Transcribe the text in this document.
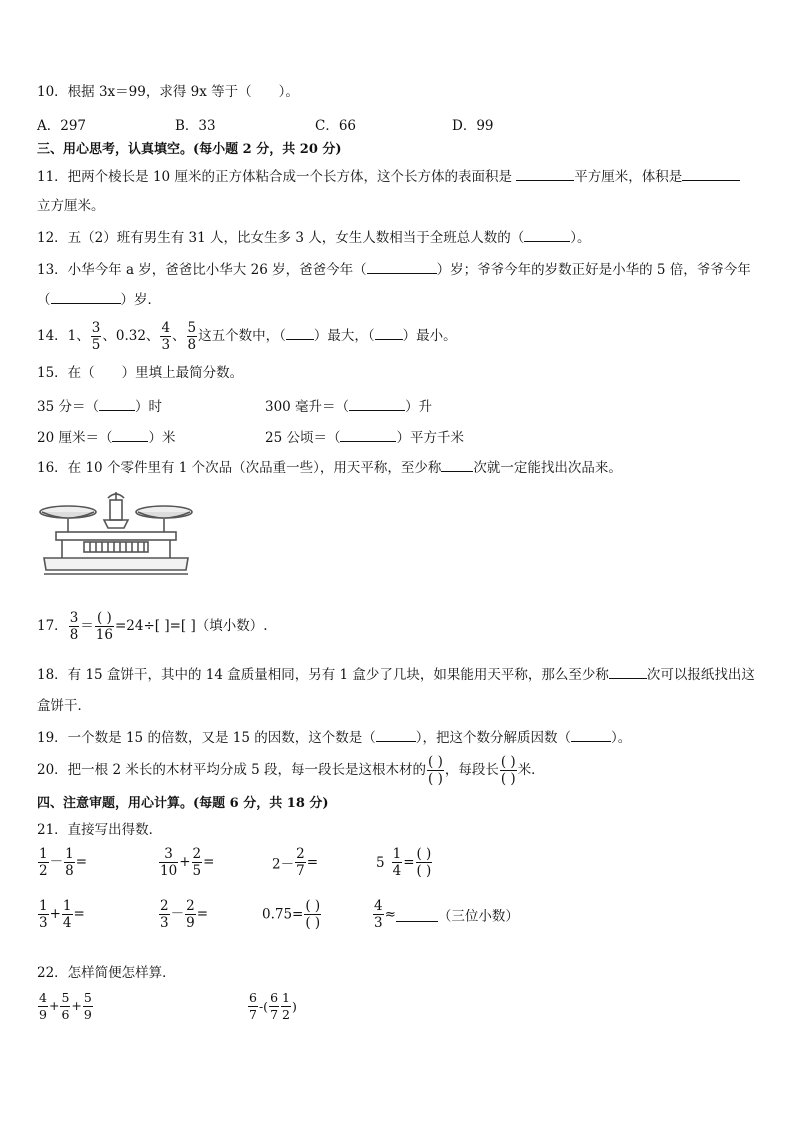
10．根据 3x＝99，求得 9x 等于（　　）。
A．297	B．33	C．66	D．99
三、用心思考，认真填空。(每小题 2 分，共 20 分)
11．把两个棱长是 10 厘米的正方体粘合成一个长方体，这个长方体的表面积是	平方厘米，体积是
立方厘米。
12．五（2）班有男生有 31 人，比女生多 3 人，女生人数相当于全班总人数的（	）。
13．小华今年 a 岁，爸爸比小华大 26 岁，爸爸今年（	）岁；爷爷今年的岁数正好是小华的 5 倍，爷爷今年
（	）岁．
14．1、 $\frac{3}{5}$ 、0.32、 $\frac{4}{3}$ 、 $\frac{5}{8}$ 这五个数中，（ ）最大，（ ）最小。
15．在（　　）里填上最简分数。
35 分＝（	）时	300 毫升＝（	）升
20 厘米＝（	）米	25 公顷＝（	）平方千米
16．在 10 个零件里有 1 个次品（次品重一些），用天平称，至少称 次就一定能找出次品来。
17． $\frac{3}{8} = \frac{( )}{16} =24\div$[ ]=[ ]（填小数）.
18．有 15 盒饼干，其中的 14 盒质量相同，另有 1 盒少了几块，如果能用天平称，那么至少称	次可以报纸找出这
盒饼干．
19．一个数是 15 的倍数，又是 15 的因数，这个数是（	），把这个数分解质因数（	）。
20．把一根 2 米长的木材平均分成 5 段，每一段长是这根木材的 $\frac{( )}{( )}$ ，每段长 $\frac{( )}{( )}$ 米．
四、注意审题，用心计算。(每题 6 分，共 18 分)
21．直接写出得数．
$\frac{1}{2} - \frac{1}{8}$ =	$\frac{3}{10} + \frac{2}{5}$ =	$2- \frac{2}{7}$ =	$5 \frac{1}{4} = \frac{( )}{( )}$
$\frac{1}{3} + \frac{1}{4}$ =	$\frac{2}{3} - \frac{2}{9}$ =	$0.75= \frac{( )}{( )}$	$\frac{4}{3}$ ≈	（三位小数）
22．怎样简便怎样算．
$\frac{4}{9} + \frac{5}{6} + \frac{5}{9}$	$\frac{6}{7}$ -( $\frac{6}{7} \frac{1}{2}$ )
